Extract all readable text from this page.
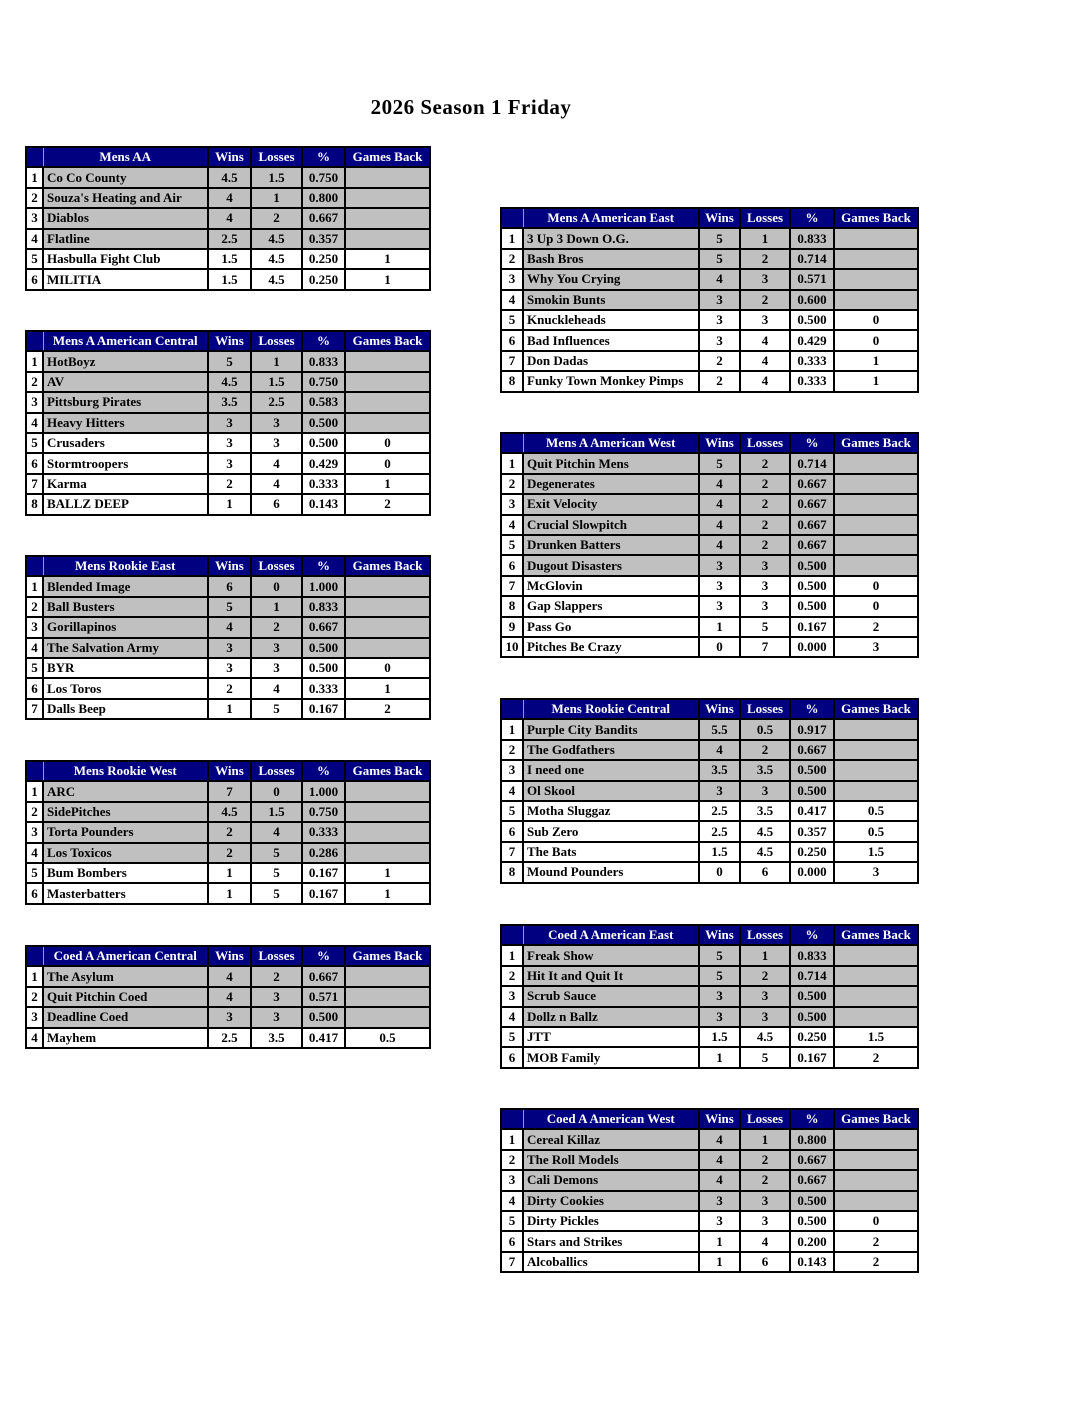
2026 Season 1 Friday
	Mens AA	Wins	Losses	%	Games Back
1	Co Co County	4.5	1.5	0.750	
2	Souza's Heating and Air	4	1	0.800	
3	Diablos	4	2	0.667	
4	Flatline	2.5	4.5	0.357	
5	Hasbulla Fight Club	1.5	4.5	0.250	1
6	MILITIA	1.5	4.5	0.250	1
	Mens A American Central	Wins	Losses	%	Games Back
1	HotBoyz	5	1	0.833	
2	AV	4.5	1.5	0.750	
3	Pittsburg Pirates	3.5	2.5	0.583	
4	Heavy Hitters	3	3	0.500	
5	Crusaders	3	3	0.500	0
6	Stormtroopers	3	4	0.429	0
7	Karma	2	4	0.333	1
8	BALLZ DEEP	1	6	0.143	2
	Mens Rookie East	Wins	Losses	%	Games Back
1	Blended Image	6	0	1.000	
2	Ball Busters	5	1	0.833	
3	Gorillapinos	4	2	0.667	
4	The Salvation Army	3	3	0.500	
5	BYR	3	3	0.500	0
6	Los Toros	2	4	0.333	1
7	Dalls Beep	1	5	0.167	2
	Mens Rookie West	Wins	Losses	%	Games Back
1	ARC	7	0	1.000	
2	SidePitches	4.5	1.5	0.750	
3	Torta Pounders	2	4	0.333	
4	Los Toxicos	2	5	0.286	
5	Bum Bombers	1	5	0.167	1
6	Masterbatters	1	5	0.167	1
	Coed A American Central	Wins	Losses	%	Games Back
1	The Asylum	4	2	0.667	
2	Quit Pitchin Coed	4	3	0.571	
3	Deadline Coed	3	3	0.500	
4	Mayhem	2.5	3.5	0.417	0.5
	Mens A American East	Wins	Losses	%	Games Back
1	3 Up 3 Down O.G.	5	1	0.833	
2	Bash Bros	5	2	0.714	
3	Why You Crying	4	3	0.571	
4	Smokin Bunts	3	2	0.600	
5	Knuckleheads	3	3	0.500	0
6	Bad Influences	3	4	0.429	0
7	Don Dadas	2	4	0.333	1
8	Funky Town Monkey Pimps	2	4	0.333	1
	Mens A American West	Wins	Losses	%	Games Back
1	Quit Pitchin Mens	5	2	0.714	
2	Degenerates	4	2	0.667	
3	Exit Velocity	4	2	0.667	
4	Crucial Slowpitch	4	2	0.667	
5	Drunken Batters	4	2	0.667	
6	Dugout Disasters	3	3	0.500	
7	McGlovin	3	3	0.500	0
8	Gap Slappers	3	3	0.500	0
9	Pass Go	1	5	0.167	2
10	Pitches Be Crazy	0	7	0.000	3
	Mens Rookie Central	Wins	Losses	%	Games Back
1	Purple City Bandits	5.5	0.5	0.917	
2	The Godfathers	4	2	0.667	
3	I need one	3.5	3.5	0.500	
4	Ol Skool	3	3	0.500	
5	Motha Sluggaz	2.5	3.5	0.417	0.5
6	Sub Zero	2.5	4.5	0.357	0.5
7	The Bats	1.5	4.5	0.250	1.5
8	Mound Pounders	0	6	0.000	3
	Coed A American East	Wins	Losses	%	Games Back
1	Freak Show	5	1	0.833	
2	Hit It and Quit It	5	2	0.714	
3	Scrub Sauce	3	3	0.500	
4	Dollz n Ballz	3	3	0.500	
5	JTT	1.5	4.5	0.250	1.5
6	MOB Family	1	5	0.167	2
	Coed A American West	Wins	Losses	%	Games Back
1	Cereal Killaz	4	1	0.800	
2	The Roll Models	4	2	0.667	
3	Cali Demons	4	2	0.667	
4	Dirty Cookies	3	3	0.500	
5	Dirty Pickles	3	3	0.500	0
6	Stars and Strikes	1	4	0.200	2
7	Alcoballics	1	6	0.143	2
